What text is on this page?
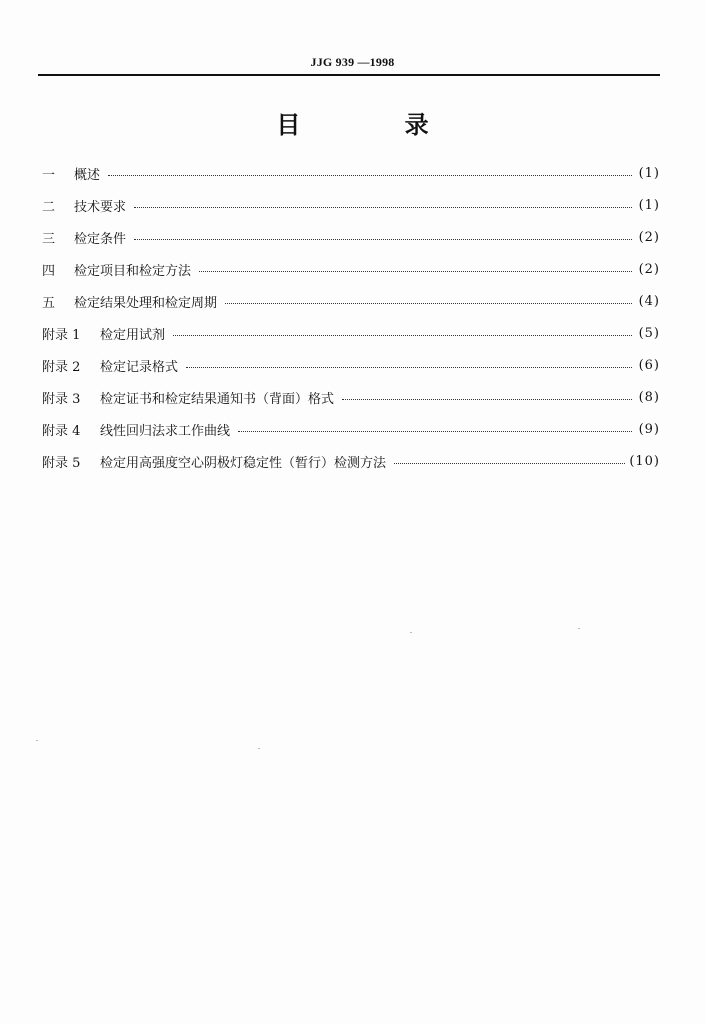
JJG 939 —1998
目 录
一	概述	(1)
二	技术要求	(1)
三	检定条件	(2)
四	检定项目和检定方法	(2)
五	检定结果处理和检定周期	(4)
附录 1	检定用试剂	(5)
附录 2	检定记录格式	(6)
附录 3	检定证书和检定结果通知书（背面）格式	(8)
附录 4	线性回归法求工作曲线	(9)
附录 5	检定用高强度空心阴极灯稳定性（暂行）检测方法	(10)
